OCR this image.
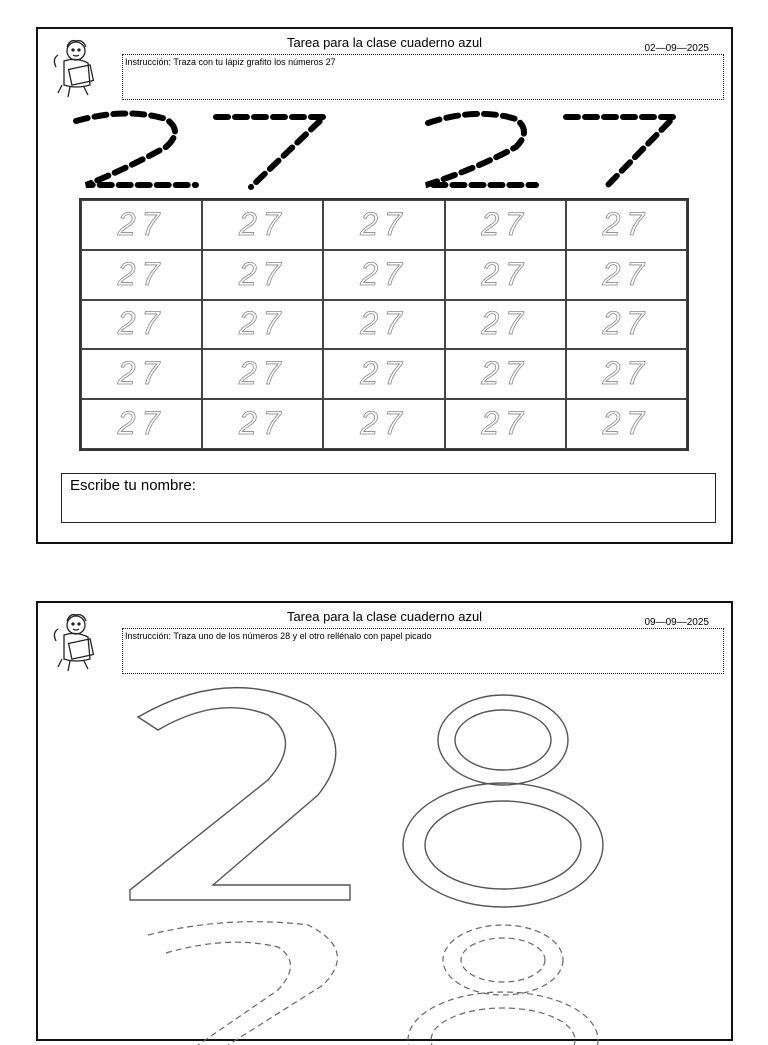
Tarea para la clase cuaderno azul	02—09—2025
Instrucción: Traza con tu lápiz grafito los números 27
27	27	27	27	27
27	27	27	27	27
27	27	27	27	27
27	27	27	27	27
27	27	27	27	27
Escribe tu nombre:
Tarea para la clase cuaderno azul	09—09—2025
Instrucción: Traza uno de los números 28 y el otro rellénalo con papel picado
